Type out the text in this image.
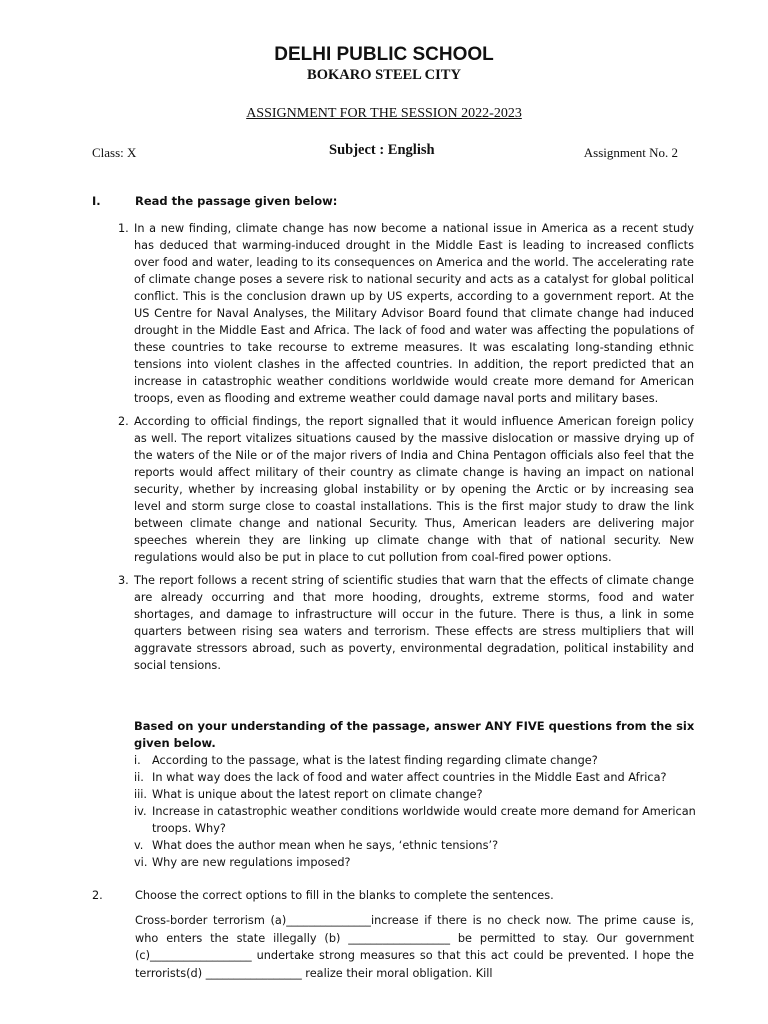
DELHI PUBLIC SCHOOL
BOKARO STEEL CITY
ASSIGNMENT FOR THE SESSION 2022-2023
Class: X	Subject : English	Assignment No. 2
I.	Read the passage given below:
1. In a new finding, climate change has now become a national issue in America as a recent study has deduced that warming-induced drought in the Middle East is leading to increased conflicts over food and water, leading to its consequences on America and the world. The accelerating rate of climate change poses a severe risk to national security and acts as a catalyst for global political conflict. This is the conclusion drawn up by US experts, according to a government report. At the US Centre for Naval Analyses, the Military Advisor Board found that climate change had induced drought in the Middle East and Africa. The lack of food and water was affecting the populations of these countries to take recourse to extreme measures. It was escalating long-standing ethnic tensions into violent clashes in the affected countries. In addition, the report predicted that an increase in catastrophic weather conditions worldwide would create more demand for American troops, even as flooding and extreme weather could damage naval ports and military bases.
2. According to official findings, the report signalled that it would influence American foreign policy as well. The report vitalizes situations caused by the massive dislocation or massive drying up of the waters of the Nile or of the major rivers of India and China Pentagon officials also feel that the reports would affect military of their country as climate change is having an impact on national security, whether by increasing global instability or by opening the Arctic or by increasing sea level and storm surge close to coastal installations. This is the first major study to draw the link between climate change and national Security. Thus, American leaders are delivering major speeches wherein they are linking up climate change with that of national security. New regulations would also be put in place to cut pollution from coal-fired power options.
3. The report follows a recent string of scientific studies that warn that the effects of climate change are already occurring and that more hooding, droughts, extreme storms, food and water shortages, and damage to infrastructure will occur in the future. There is thus, a link in some quarters between rising sea waters and terrorism. These effects are stress multipliers that will aggravate stressors abroad, such as poverty, environmental degradation, political instability and social tensions.
Based on your understanding of the passage, answer ANY FIVE questions from the six given below.
i. According to the passage, what is the latest finding regarding climate change?
ii. In what way does the lack of food and water affect countries in the Middle East and Africa?
iii. What is unique about the latest report on climate change?
iv. Increase in catastrophic weather conditions worldwide would create more demand for American troops. Why?
v. What does the author mean when he says, ‘ethnic tensions’?
vi. Why are new regulations imposed?
2.	Choose the correct options to fill in the blanks to complete the sentences.
Cross-border terrorism (a)_______________increase if there is no check now. The prime cause is, who enters the state illegally (b) __________________ be permitted to stay. Our government (c)__________________ undertake strong measures so that this act could be prevented. I hope the terrorists(d) _________________ realize their moral obligation. Kill
